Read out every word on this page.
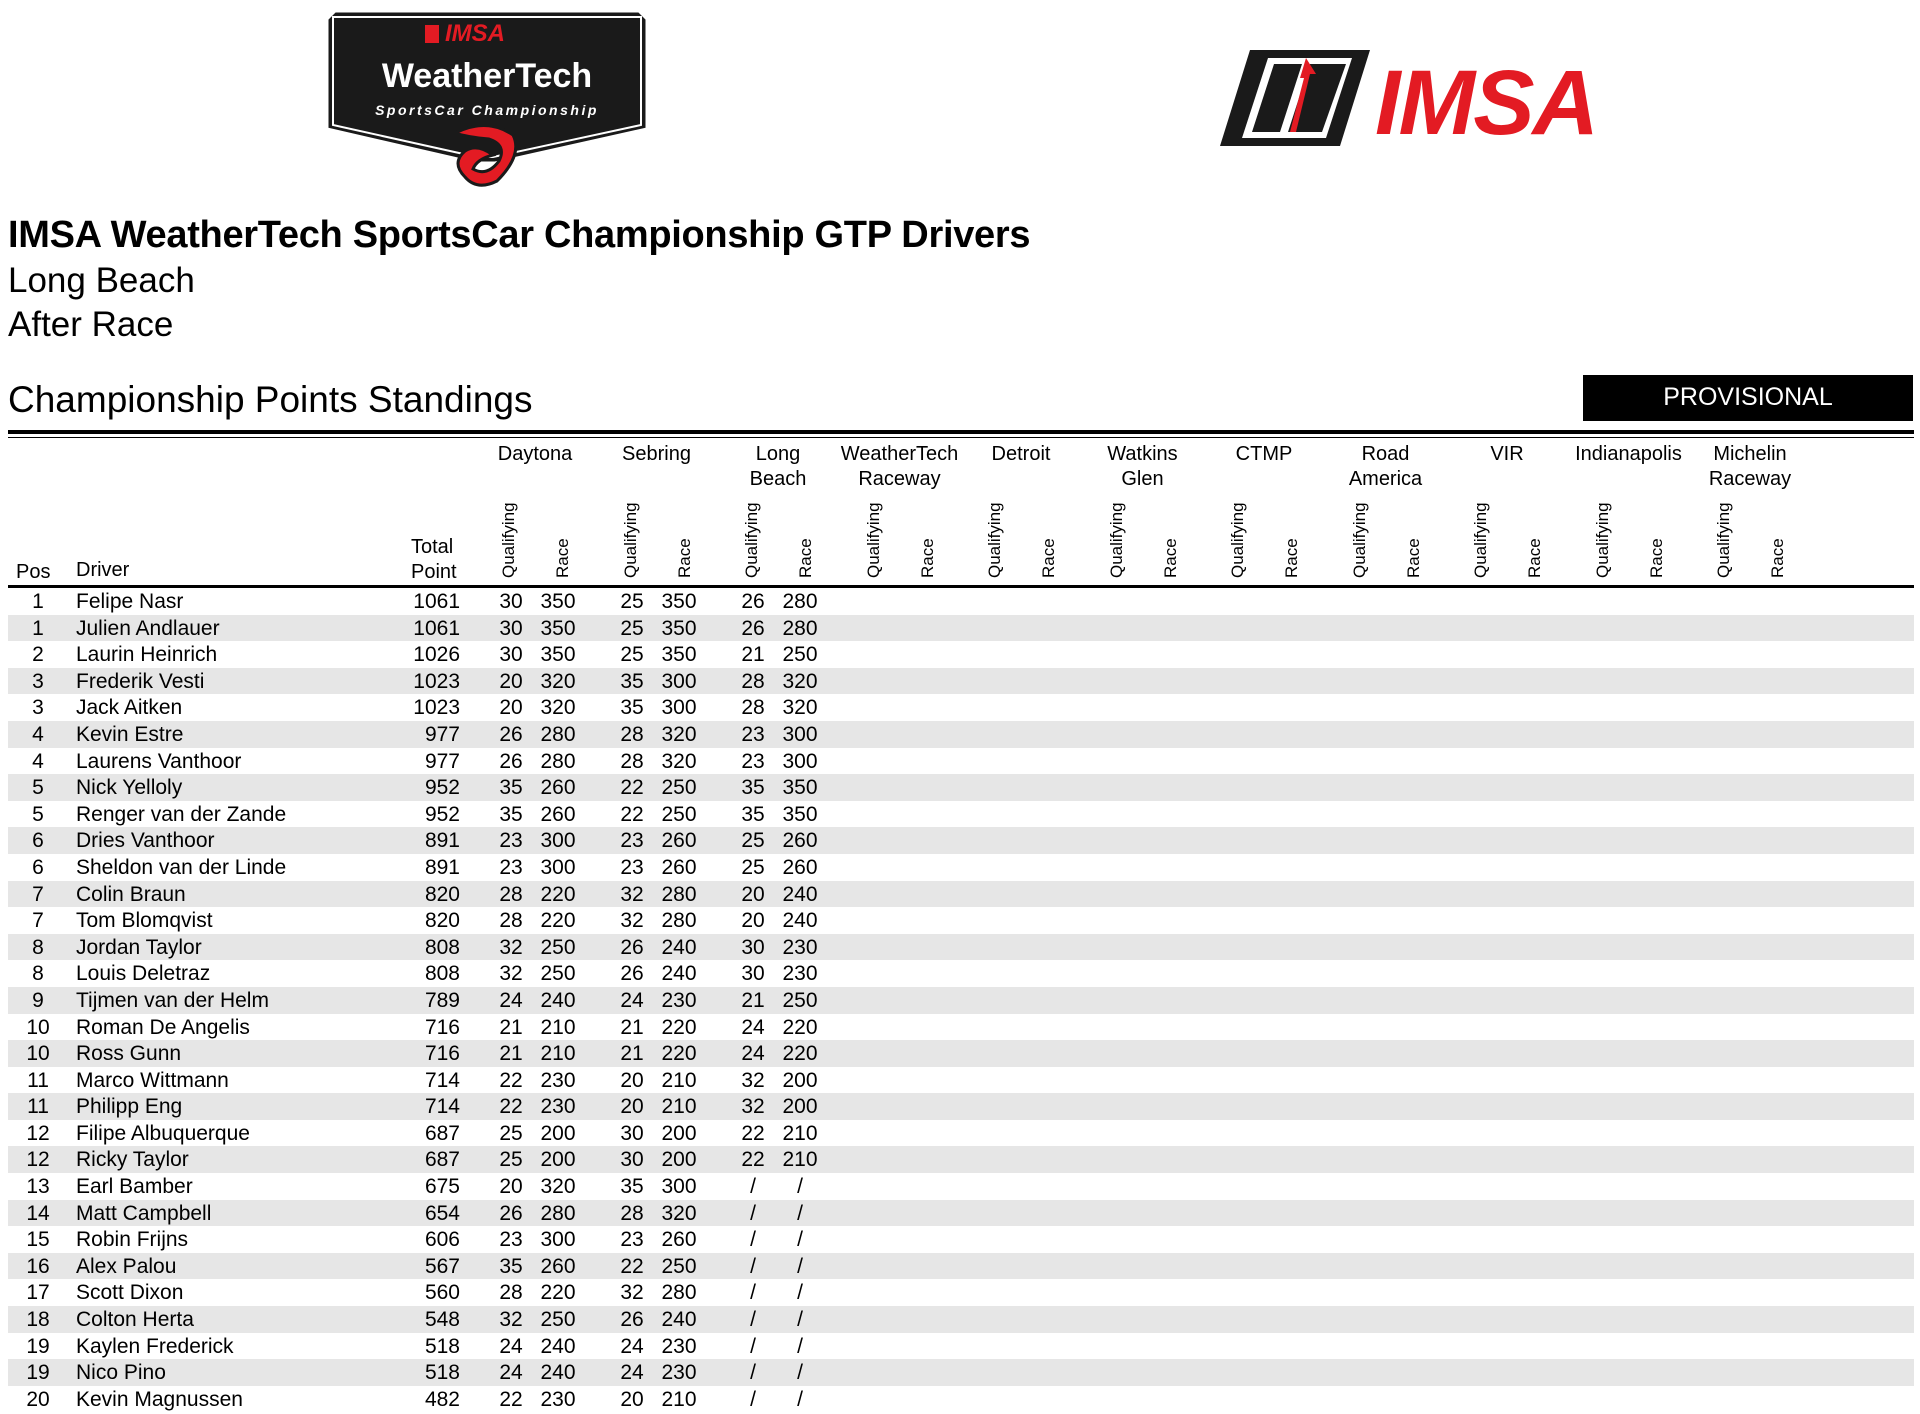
IMSA
WeatherTech
SportsCar Championship	IMSA
IMSA WeatherTech SportsCar Championship GTP Drivers
Long Beach
After Race
Championship Points Standings	PROVISIONAL
Pos Driver
Total
Point
Daytona
Qualifying Race
Sebring
Qualifying Race
Long
Beach
Qualifying Race
WeatherTech
Raceway
Qualifying Race
Detroit
Qualifying Race
Watkins
Glen
Qualifying Race
CTMP
Qualifying Race
Road
America
Qualifying Race
VIR
Qualifying Race
Indianapolis
Qualifying Race
Michelin
Raceway
Qualifying Race
1	Felipe Nasr	1061	30 350	25 350	26 280
1	Julien Andlauer	1061	30 350	25 350	26 280
2	Laurin Heinrich	1026	30 350	25 350	21 250
3	Frederik Vesti	1023	20 320	35 300	28 320
3	Jack Aitken	1023	20 320	35 300	28 320
4	Kevin Estre	977	26 280	28 320	23 300
4	Laurens Vanthoor	977	26 280	28 320	23 300
5	Nick Yelloly	952	35 260	22 250	35 350
5	Renger van der Zande	952	35 260	22 250	35 350
6	Dries Vanthoor	891	23 300	23 260	25 260
6	Sheldon van der Linde	891	23 300	23 260	25 260
7	Colin Braun	820	28 220	32 280	20 240
7	Tom Blomqvist	820	28 220	32 280	20 240
8	Jordan Taylor	808	32 250	26 240	30 230
8	Louis Deletraz	808	32 250	26 240	30 230
9	Tijmen van der Helm	789	24 240	24 230	21 250
10	Roman De Angelis	716	21 210	21 220	24 220
10	Ross Gunn	716	21 210	21 220	24 220
11	Marco Wittmann	714	22 230	20 210	32 200
11	Philipp Eng	714	22 230	20 210	32 200
12	Filipe Albuquerque	687	25 200	30 200	22 210
12	Ricky Taylor	687	25 200	30 200	22 210
13	Earl Bamber	675	20 320	35 300	/	/
14	Matt Campbell	654	26 280	28 320	/	/
15	Robin Frijns	606	23 300	23 260	/	/
16	Alex Palou	567	35 260	22 250	/	/
17	Scott Dixon	560	28 220	32 280	/	/
18	Colton Herta	548	32 250	26 240	/	/
19	Kaylen Frederick	518	24 240	24 230	/	/
19	Nico Pino	518	24 240	24 230	/	/
20	Kevin Magnussen	482	22 230	20 210	/	/
